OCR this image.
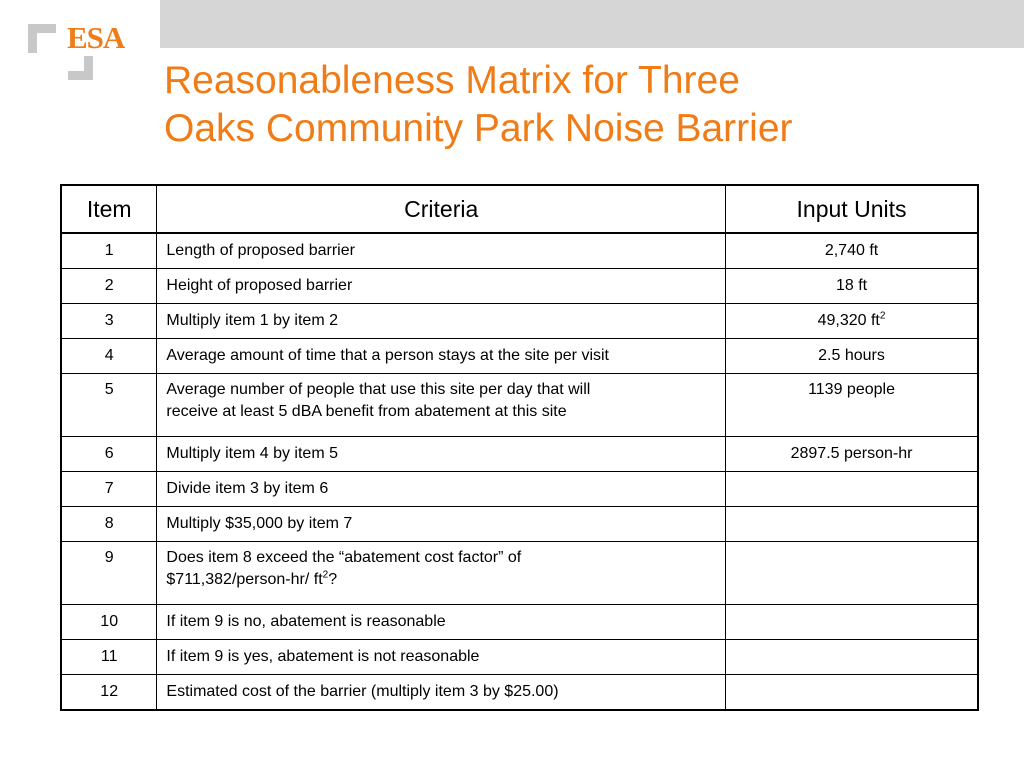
ESA
Reasonableness Matrix for Three
Oaks Community Park Noise Barrier
Item	Criteria	Input Units
1	Length of proposed barrier	2,740 ft
2	Height of proposed barrier	18 ft
3	Multiply item 1 by item 2	49,320 $ft^2$
4	Average amount of time that a person stays at the site per visit	2.5 hours
5	Average number of people that use this site per day that will
receive at least 5 dBA benefit from abatement at this site	1139 people
6	Multiply item 4 by item 5	2897.5 person-hr
7	Divide item 3 by item 6	
8	Multiply $35,000 by item 7	
9	Does item 8 exceed the “abatement cost factor” of
$711,382/person-hr/ $ft^2$?	
10	If item 9 is no, abatement is reasonable	
11	If item 9 is yes, abatement is not reasonable	
12	Estimated cost of the barrier (multiply item 3 by $25.00)	
